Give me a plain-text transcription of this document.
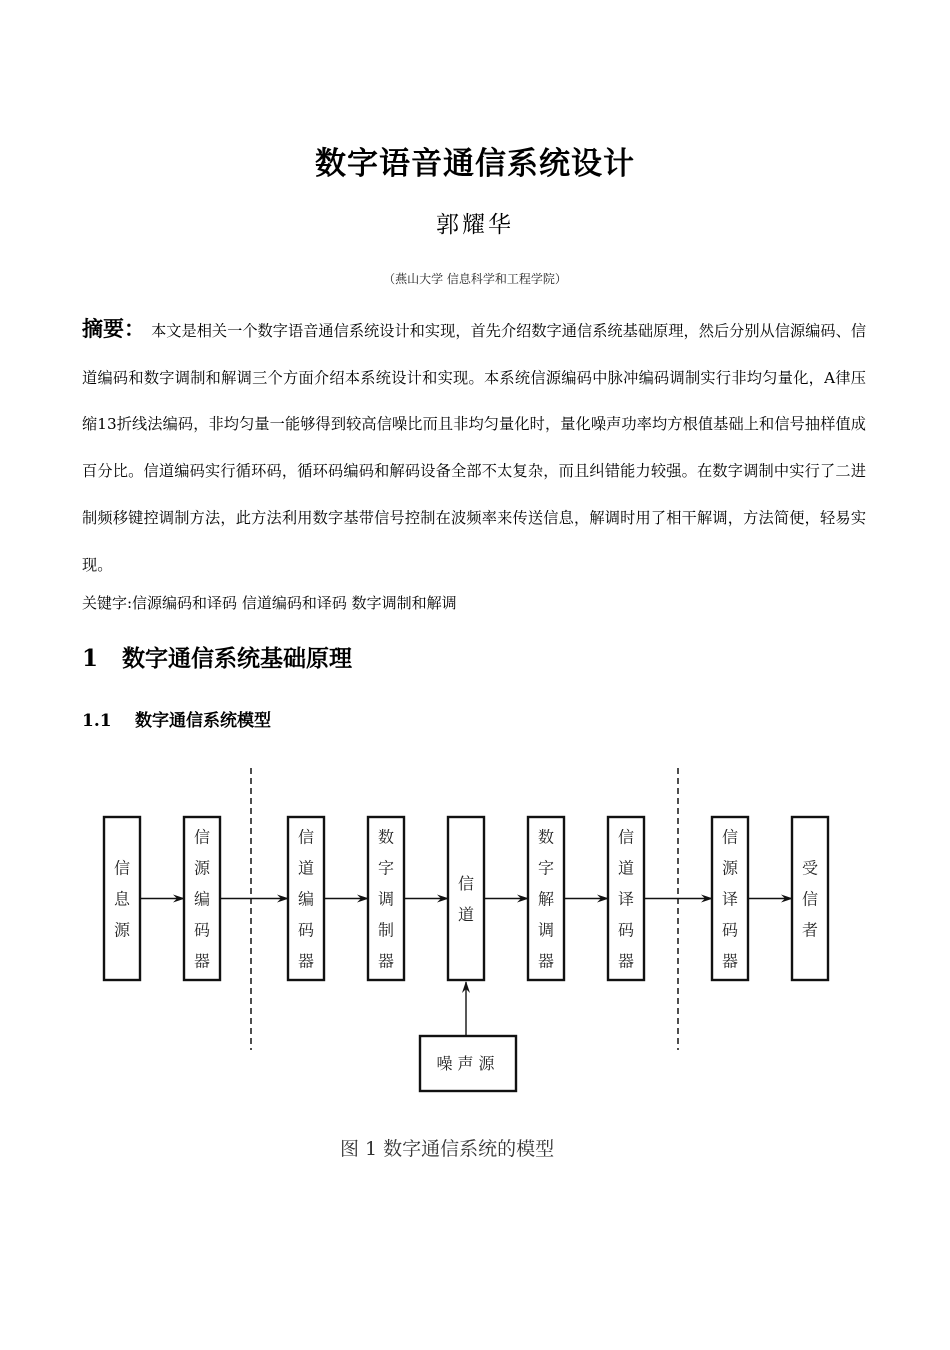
数字语音通信系统设计
郭耀华
（燕山大学 信息科学和工程学院）

摘要： 本文是相关一个数字语音通信系统设计和实现，首先介绍数字通信系统基础原理，然后分别从信源编码、信道编码和数字调制和解调三个方面介绍本系统设计和实现。本系统信源编码中脉冲编码调制实行非均匀量化，A律压缩13折线法编码，非均匀量一能够得到较高信噪比而且非均匀量化时，量化噪声功率均方根值基础上和信号抽样值成百分比。信道编码实行循环码，循环码编码和解码设备全部不太复杂，而且纠错能力较强。在数字调制中实行了二进制频移键控调制方法，此方法利用数字基带信号控制在波频率来传送信息，解调时用了相干解调，方法简便，轻易实现。

关键字:信源编码和译码 信道编码和译码 数字调制和解调
1 数字通信系统基础原理
1.1 数字通信系统模型
信
息
源
信
源
编
码
器
信
道
编
码
器
数
字
调
制
器
信
道
数
字
解
调
器
信
道
译
码
器
信
源
译
码
器
受
信
者
噪声源
图 1 数字通信系统的模型
